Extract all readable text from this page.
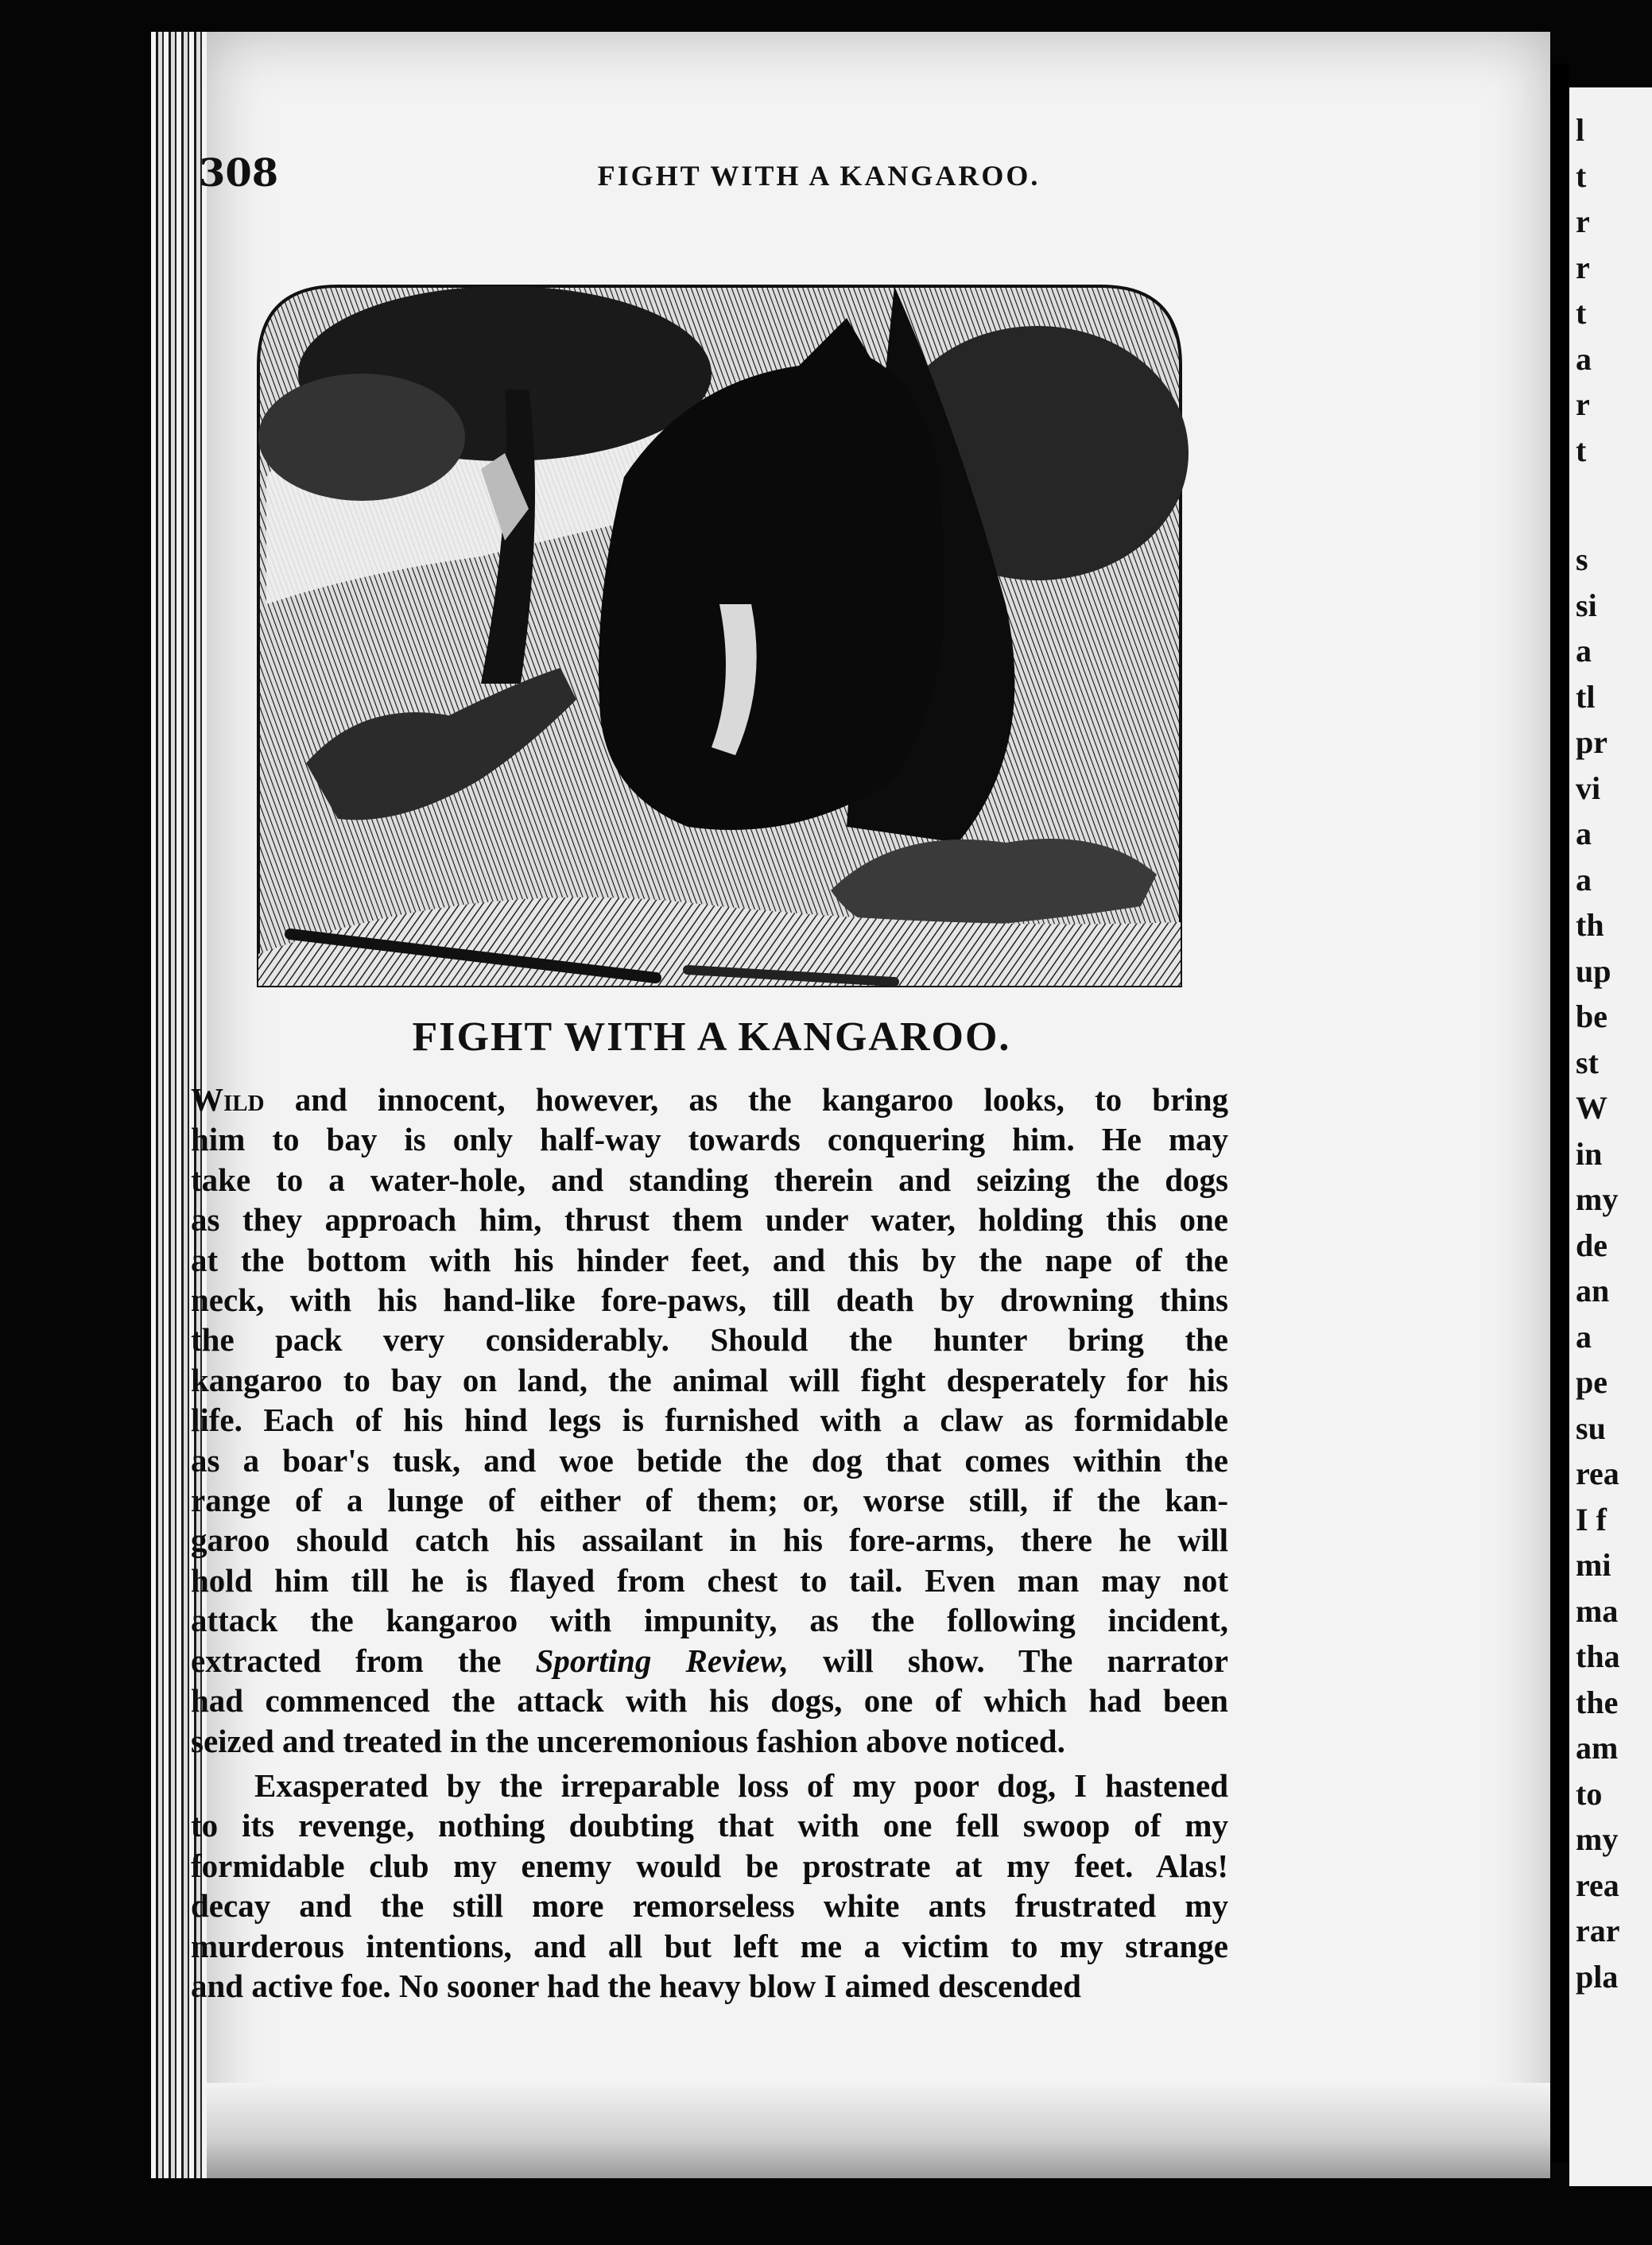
308	FIGHT WITH A KANGAROO.
FIGHT WITH A KANGAROO.
Wild and innocent, however, as the kangaroo looks, to bring
him to bay is only half-way towards conquering him. He may
take to a water-hole, and standing therein and seizing the dogs
as they approach him, thrust them under water, holding this one
at the bottom with his hinder feet, and this by the nape of the
neck, with his hand-like fore-paws, till death by drowning thins
the pack very considerably. Should the hunter bring the
kangaroo to bay on land, the animal will fight desperately for his
life. Each of his hind legs is furnished with a claw as formidable
as a boar's tusk, and woe betide the dog that comes within the
range of a lunge of either of them; or, worse still, if the kan-
garoo should catch his assailant in his fore-arms, there he will
hold him till he is flayed from chest to tail. Even man may not
attack the kangaroo with impunity, as the following incident,
extracted from the Sporting Review, will show. The narrator
had commenced the attack with his dogs, one of which had been
seized and treated in the unceremonious fashion above noticed.
Exasperated by the irreparable loss of my poor dog, I hastened
to its revenge, nothing doubting that with one fell swoop of my
formidable club my enemy would be prostrate at my feet. Alas!
decay and the still more remorseless white ants frustrated my
murderous intentions, and all but left me a victim to my strange
and active foe. No sooner had the heavy blow I aimed descended
l
t
r
r
t
a
r
t
s
si
a
tl
pr
vi
a
a
th
up
be
st
W
in
my
de
an
a
pe
su
rea
I f
mi
ma
tha
the
am
to
my
rea
rar
pla
